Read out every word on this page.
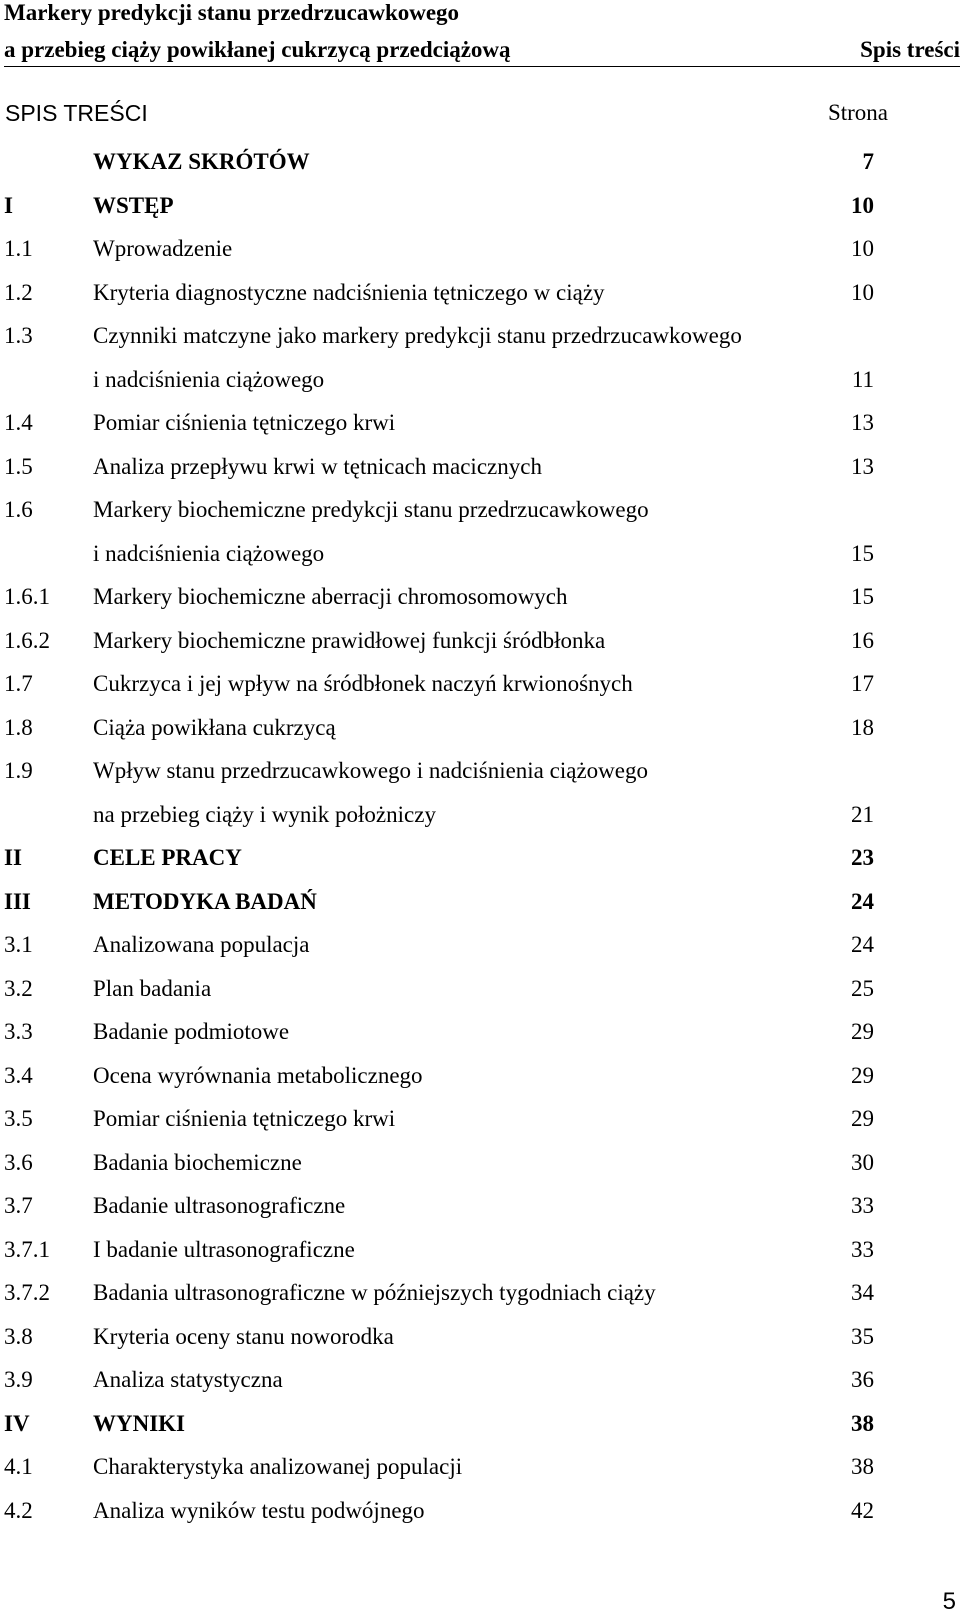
Markery predykcji stanu przedrzucawkowego
a przebieg ciąży powikłanej cukrzycą przedciążową	Spis treści
SPIS TREŚCI	Strona
WYKAZ SKRÓTÓW	7
I	WSTĘP	10
1.1	Wprowadzenie	10
1.2	Kryteria diagnostyczne nadciśnienia tętniczego w ciąży	10
1.3	Czynniki matczyne jako markery predykcji stanu przedrzucawkowego
i nadciśnienia ciążowego	11
1.4	Pomiar ciśnienia tętniczego krwi	13
1.5	Analiza przepływu krwi w tętnicach macicznych	13
1.6	Markery biochemiczne predykcji stanu przedrzucawkowego
i nadciśnienia ciążowego	15
1.6.1 Markery biochemiczne aberracji chromosomowych	15
1.6.2 Markery biochemiczne prawidłowej funkcji śródbłonka	16
1.7	Cukrzyca i jej wpływ na śródbłonek naczyń krwionośnych	17
1.8	Ciąża powikłana cukrzycą	18
1.9	Wpływ stanu przedrzucawkowego i nadciśnienia ciążowego
na przebieg ciąży i wynik położniczy	21
II	CELE PRACY	23
III	METODYKA BADAŃ	24
3.1	Analizowana populacja	24
3.2	Plan badania	25
3.3	Badanie podmiotowe	29
3.4	Ocena wyrównania metabolicznego	29
3.5	Pomiar ciśnienia tętniczego krwi	29
3.6	Badania biochemiczne	30
3.7	Badanie ultrasonograficzne	33
3.7.1 I badanie ultrasonograficzne	33
3.7.2 Badania ultrasonograficzne w późniejszych tygodniach ciąży	34
3.8	Kryteria oceny stanu noworodka	35
3.9	Analiza statystyczna	36
IV	WYNIKI	38
4.1	Charakterystyka analizowanej populacji	38
4.2	Analiza wyników testu podwójnego	42
5
